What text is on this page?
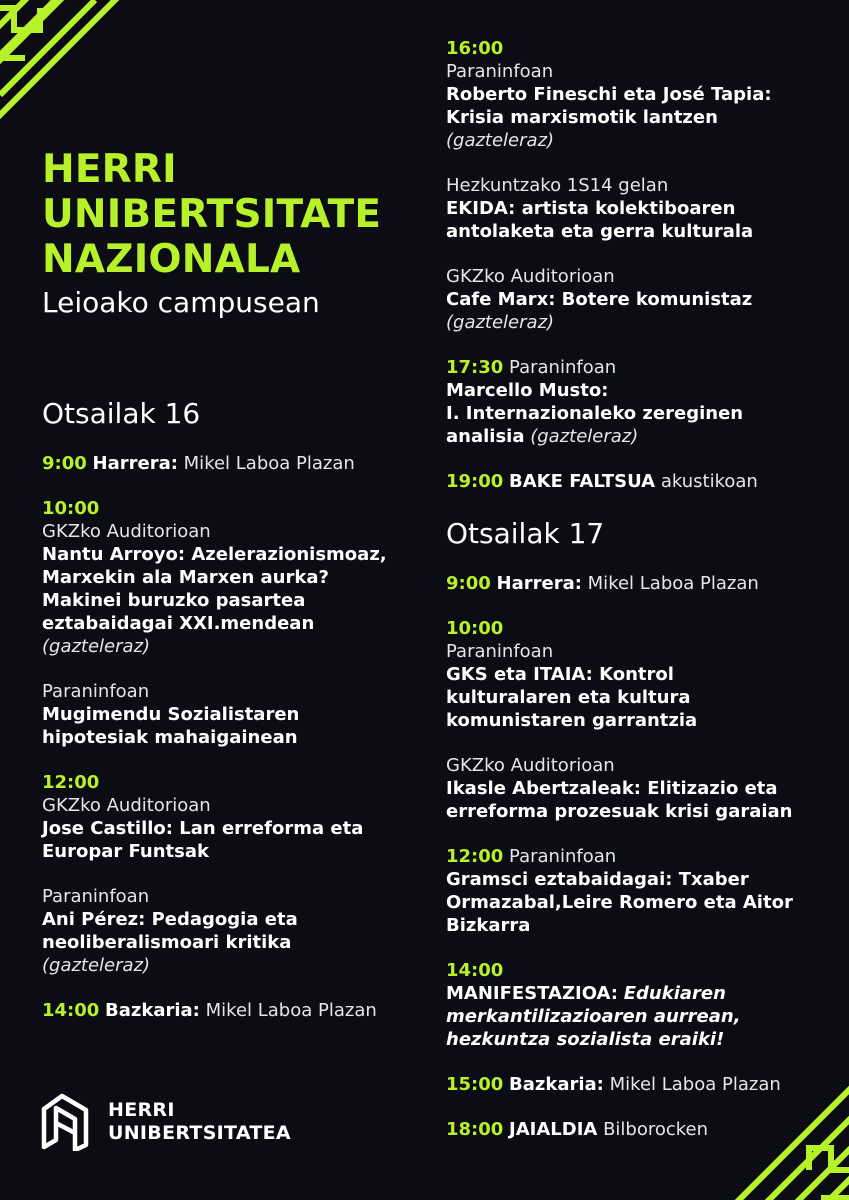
HERRI
UNIBERTSITATE
NAZIONALA
Leioako campusean
Otsailak 16
9:00 Harrera: Mikel Laboa Plazan
10:00
GKZko Auditorioan
Nantu Arroyo: Azelerazionismoaz,
Marxekin ala Marxen aurka?
Makinei buruzko pasartea
eztabaidagai XXI.mendean
(gazteleraz)
Paraninfoan
Mugimendu Sozialistaren
hipotesiak mahaigainean
12:00
GKZko Auditorioan
Jose Castillo: Lan erreforma eta
Europar Funtsak
Paraninfoan
Ani Pérez: Pedagogia eta
neoliberalismoari kritika
(gazteleraz)
14:00 Bazkaria: Mikel Laboa Plazan
16:00
Paraninfoan
Roberto Fineschi eta José Tapia:
Krisia marxismotik lantzen
(gazteleraz)
Hezkuntzako 1S14 gelan
EKIDA: artista kolektiboaren
antolaketa eta gerra kulturala
GKZko Auditorioan
Cafe Marx: Botere komunistaz
(gazteleraz)
17:30 Paraninfoan
Marcello Musto:
I. Internazionaleko zereginen
analisia (gazteleraz)
19:00 BAKE FALTSUA akustikoan
Otsailak 17
9:00 Harrera: Mikel Laboa Plazan
10:00
Paraninfoan
GKS eta ITAIA: Kontrol
kulturalaren eta kultura
komunistaren garrantzia
GKZko Auditorioan
Ikasle Abertzaleak: Elitizazio eta
erreforma prozesuak krisi garaian
12:00 Paraninfoan
Gramsci eztabaidagai: Txaber
Ormazabal,Leire Romero eta Aitor
Bizkarra
14:00
MANIFESTAZIOA: Edukiaren
merkantilizazioaren aurrean,
hezkuntza sozialista eraiki!
15:00 Bazkaria: Mikel Laboa Plazan
18:00 JAIALDIA Bilborocken
HERRI
UNIBERTSITATEA
